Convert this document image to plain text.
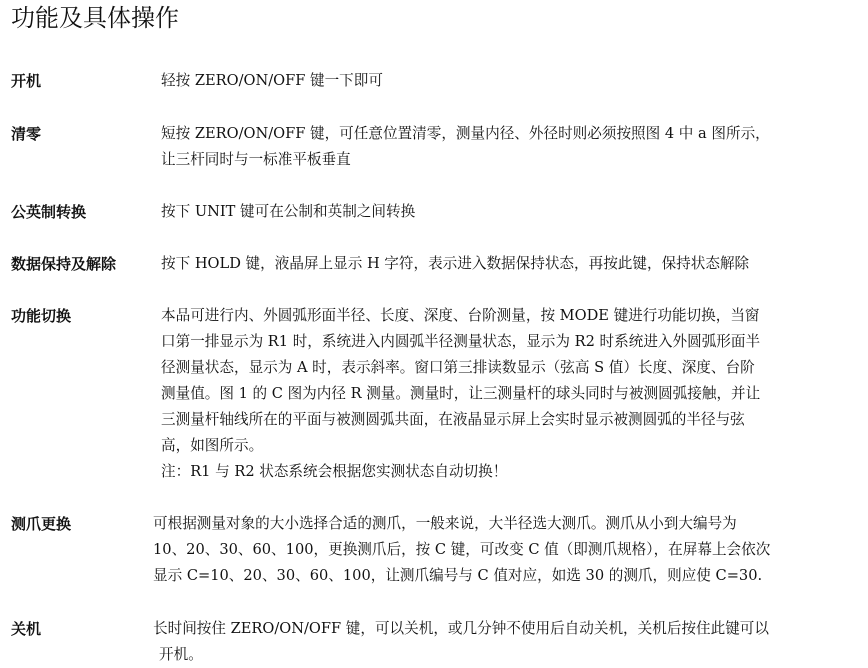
功能及具体操作
开机	轻按 ZERO/ON/OFF 键一下即可
清零	短按 ZERO/ON/OFF 键，可任意位置清零，测量内径、外径时则必须按照图 4 中 a 图所示，
让三杆同时与一标准平板垂直
公英制转换	按下 UNIT 键可在公制和英制之间转换
数据保持及解除	按下 HOLD 键，液晶屏上显示 H 字符，表示进入数据保持状态，再按此键，保持状态解除
功能切换	本品可进行内、外圆弧形面半径、长度、深度、台阶测量，按 MODE 键进行功能切换，当窗
口第一排显示为 R1 时，系统进入内圆弧半径测量状态，显示为 R2 时系统进入外圆弧形面半
径测量状态，显示为 A 时，表示斜率。窗口第三排读数显示（弦高 S 值）长度、深度、台阶
测量值。图 1 的 C 图为内径 R 测量。测量时，让三测量杆的球头同时与被测圆弧接触，并让
三测量杆轴线所在的平面与被测圆弧共面，在液晶显示屏上会实时显示被测圆弧的半径与弦
高，如图所示。
注：R1 与 R2 状态系统会根据您实测状态自动切换！
测爪更换	可根据测量对象的大小选择合适的测爪，一般来说，大半径选大测爪。测爪从小到大编号为
10、20、30、60、100，更换测爪后，按 C 键，可改变 C 值（即测爪规格），在屏幕上会依次
显示 C=10、20、30、60、100，让测爪编号与 C 值对应，如选 30 的测爪，则应使 C=30.
关机	长时间按住 ZERO/ON/OFF 键，可以关机，或几分钟不使用后自动关机，关机后按住此键可以
开机。
